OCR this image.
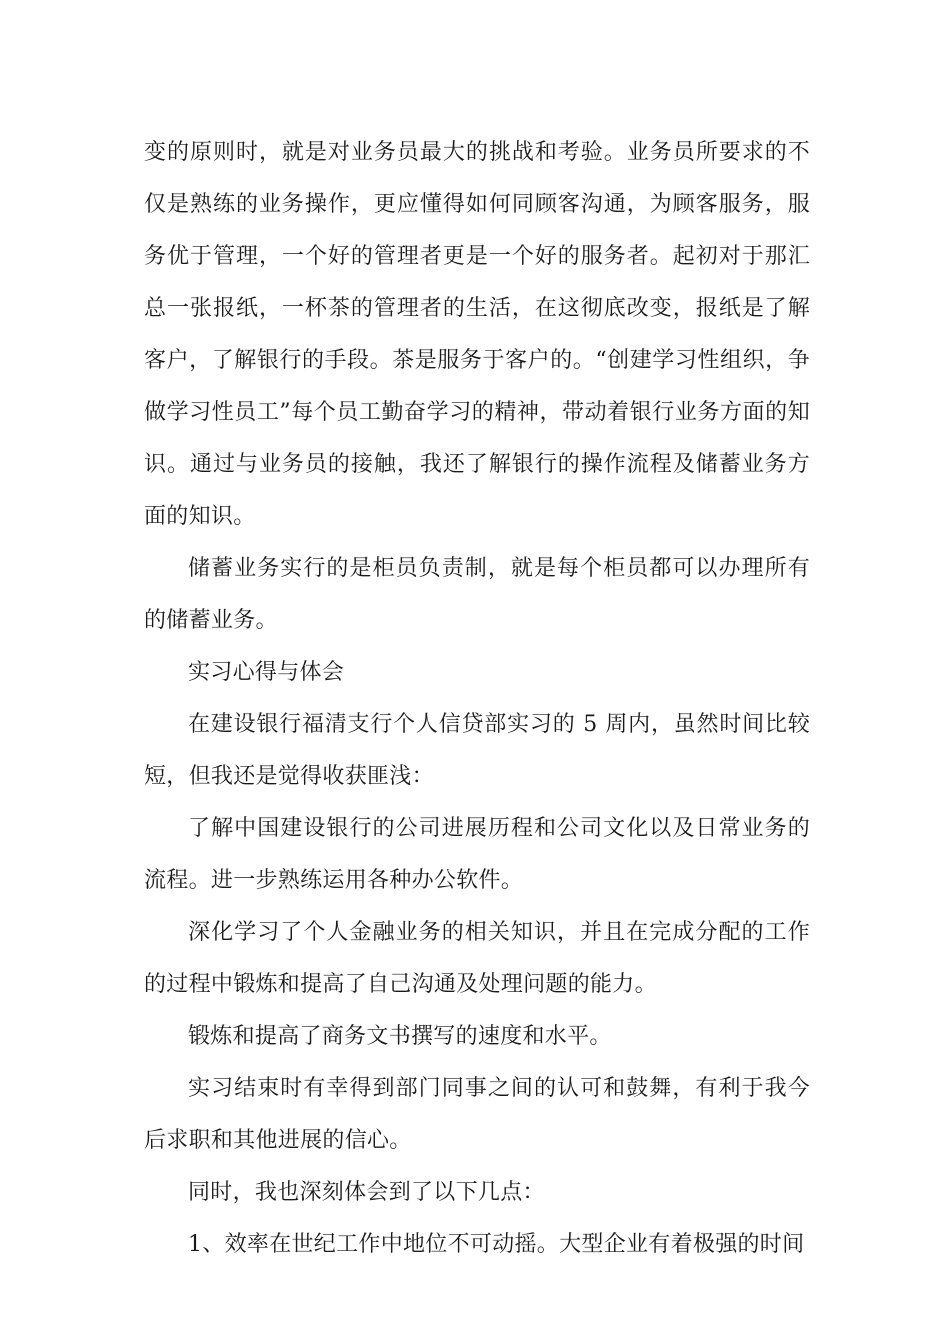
变的原则时，就是对业务员最大的挑战和考验。业务员所要求的不仅是熟练的业务操作，更应懂得如何同顾客沟通，为顾客服务，服务优于管理，一个好的管理者更是一个好的服务者。起初对于那汇总一张报纸，一杯茶的管理者的生活，在这彻底改变，报纸是了解客户，了解银行的手段。茶是服务于客户的。“创建学习性组织，争做学习性员工”每个员工勤奋学习的精神，带动着银行业务方面的知识。通过与业务员的接触，我还了解银行的操作流程及储蓄业务方面的知识。

储蓄业务实行的是柜员负责制，就是每个柜员都可以办理所有的储蓄业务。

实习心得与体会

在建设银行福清支行个人信贷部实习的 5 周内，虽然时间比较短，但我还是觉得收获匪浅：

了解中国建设银行的公司进展历程和公司文化以及日常业务的流程。进一步熟练运用各种办公软件。

深化学习了个人金融业务的相关知识，并且在完成分配的工作的过程中锻炼和提高了自己沟通及处理问题的能力。

锻炼和提高了商务文书撰写的速度和水平。

实习结束时有幸得到部门同事之间的认可和鼓舞，有利于我今后求职和其他进展的信心。

同时，我也深刻体会到了以下几点：

1、效率在世纪工作中地位不可动摇。大型企业有着极强的时间
